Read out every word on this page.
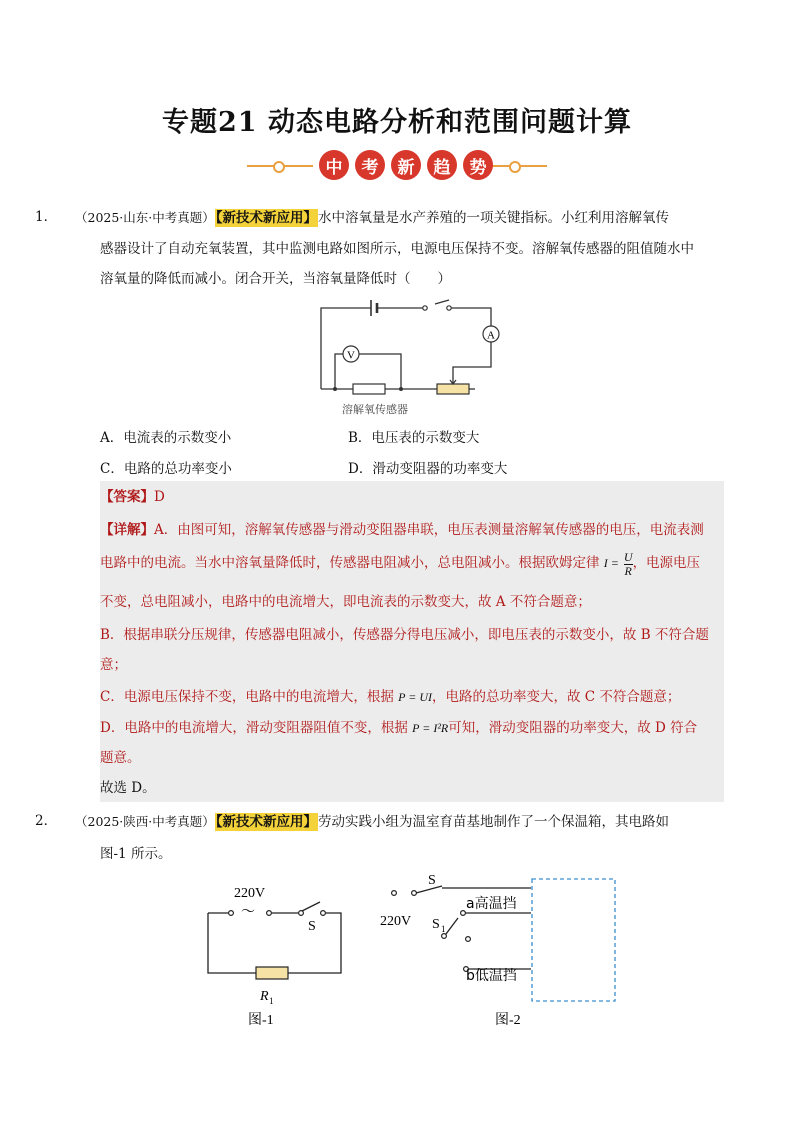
专题21 动态电路分析和范围问题计算
中	考	新	趋	势
1． （2025·山东·中考真题）【新技术新应用】水中溶氧量是水产养殖的一项关键指标。小红利用溶解氧传
感器设计了自动充氧装置，其中监测电路如图所示，电源电压保持不变。溶解氧传感器的阻值随水中
溶氧量的降低而减小。闭合开关，当溶氧量降低时（　　）
A
V
溶解氧传感器
A．电流表的示数变小	B．电压表的示数变大
C．电路的总功率变小	D．滑动变阻器的功率变大
【答案】D
【详解】A．由图可知，溶解氧传感器与滑动变阻器串联，电压表测量溶解氧传感器的电压，电流表测
电路中的电流。当水中溶氧量降低时，传感器电阻减小，总电阻减小。根据欧姆定律 $I = \frac{U}{R}$ ，电源电压
不变，总电阻减小，电路中的电流增大，即电流表的示数变大，故 A 不符合题意；
B．根据串联分压规律，传感器电阻减小，传感器分得电压减小，即电压表的示数变小，故 B 不符合题
意；
C．电源电压保持不变，电路中的电流增大，根据 P = UI，电路的总功率变大，故 C 不符合题意；
D．电路中的电流增大，滑动变阻器阻值不变，根据 P = I²R可知，滑动变阻器的功率变大，故 D 符合
题意。
故选 D。
2． （2025·陕西·中考真题）【新技术新应用】劳动实践小组为温室育苗基地制作了一个保温箱，其电路如
图-1 所示。
220V
～
S
R 1
图-1
S
220V S 1
a高温挡
b低温挡
图-2
